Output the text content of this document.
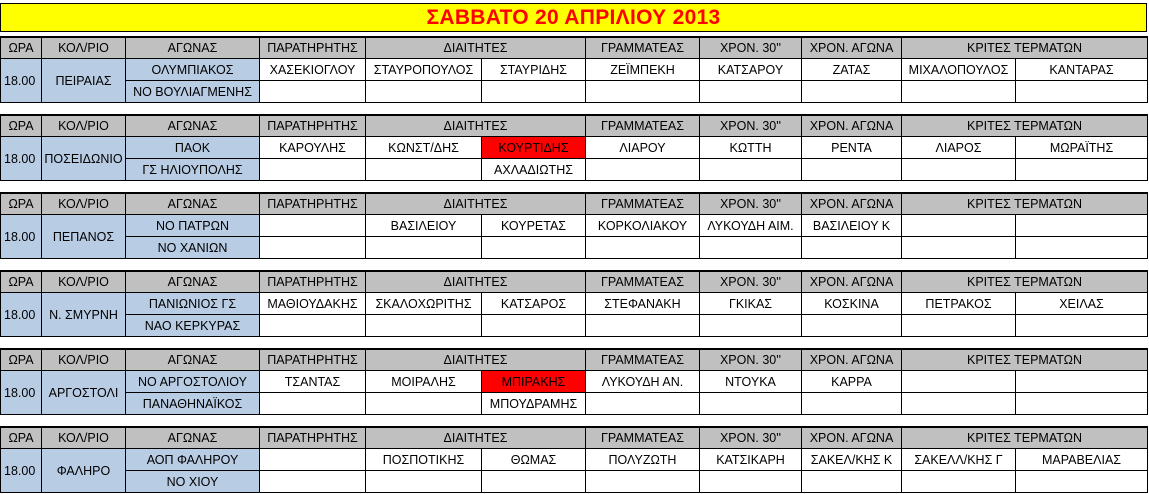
ΣΑΒΒΑΤΟ 20 ΑΠΡΙΛΙΟΥ 2013
ΩΡΑ	ΚΟΛ/ΡΙΟ	ΑΓΩΝΑΣ	ΠΑΡΑΤΗΡΗΤΗΣ	ΔΙΑΙΤΗΤΕΣ		ΓΡΑΜΜΑΤΕΑΣ	ΧΡΟΝ. 30''	ΧΡΟΝ. ΑΓΩΝΑ	ΚΡΙΤΕΣ ΤΕΡΜΑΤΩΝ	
18.00	ΠΕΙΡΑΙΑΣ	ΟΛΥΜΠΙΑΚΟΣ	ΧΑΣΕΚΙΟΓΛΟΥ	ΣΤΑΥΡΟΠΟΥΛΟΣ	ΣΤΑΥΡΙΔΗΣ	ΖΕΪΜΠΕΚΗ	ΚΑΤΣΑΡΟΥ	ΖΑΤΑΣ	ΜΙΧΑΛΟΠΟΥΛΟΣ	ΚΑΝΤΑΡΑΣ
		ΝΟ ΒΟΥΛΙΑΓΜΕΝΗΣ								
ΩΡΑ	ΚΟΛ/ΡΙΟ	ΑΓΩΝΑΣ	ΠΑΡΑΤΗΡΗΤΗΣ	ΔΙΑΙΤΗΤΕΣ		ΓΡΑΜΜΑΤΕΑΣ	ΧΡΟΝ. 30''	ΧΡΟΝ. ΑΓΩΝΑ	ΚΡΙΤΕΣ ΤΕΡΜΑΤΩΝ	
18.00	ΠΟΣΕΙΔΩΝΙΟ	ΠΑΟΚ	ΚΑΡΟΥΛΗΣ	ΚΩΝΣΤ/ΔΗΣ	ΚΟΥΡΤΙΔΗΣ	ΛΙΑΡΟΥ	ΚΩΤΤΗ	ΡΕΝΤΑ	ΛΙΑΡΟΣ	ΜΩΡΑΪΤΗΣ
		ΓΣ ΗΛΙΟΥΠΟΛΗΣ			ΑΧΛΑΔΙΩΤΗΣ					
ΩΡΑ	ΚΟΛ/ΡΙΟ	ΑΓΩΝΑΣ	ΠΑΡΑΤΗΡΗΤΗΣ	ΔΙΑΙΤΗΤΕΣ		ΓΡΑΜΜΑΤΕΑΣ	ΧΡΟΝ. 30''	ΧΡΟΝ. ΑΓΩΝΑ	ΚΡΙΤΕΣ ΤΕΡΜΑΤΩΝ	
18.00	ΠΕΠΑΝΟΣ	ΝΟ ΠΑΤΡΩΝ		ΒΑΣΙΛΕΙΟΥ	ΚΟΥΡΕΤΑΣ	ΚΟΡΚΟΛΙΑΚΟΥ	ΛΥΚΟΥΔΗ ΑΙΜ.	ΒΑΣΙΛΕΙΟΥ Κ		
		ΝΟ ΧΑΝΙΩΝ								
ΩΡΑ	ΚΟΛ/ΡΙΟ	ΑΓΩΝΑΣ	ΠΑΡΑΤΗΡΗΤΗΣ	ΔΙΑΙΤΗΤΕΣ		ΓΡΑΜΜΑΤΕΑΣ	ΧΡΟΝ. 30''	ΧΡΟΝ. ΑΓΩΝΑ	ΚΡΙΤΕΣ ΤΕΡΜΑΤΩΝ	
18.00	Ν. ΣΜΥΡΝΗ	ΠΑΝΙΩΝΙΟΣ ΓΣ	ΜΑΘΙΟΥΔΑΚΗΣ	ΣΚΑΛΟΧΩΡΙΤΗΣ	ΚΑΤΣΑΡΟΣ	ΣΤΕΦΑΝΑΚΗ	ΓΚΙΚΑΣ	ΚΟΣΚΙΝΑ	ΠΕΤΡΑΚΟΣ	ΧΕΙΛΑΣ
		ΝΑΟ ΚΕΡΚΥΡΑΣ								
ΩΡΑ	ΚΟΛ/ΡΙΟ	ΑΓΩΝΑΣ	ΠΑΡΑΤΗΡΗΤΗΣ	ΔΙΑΙΤΗΤΕΣ		ΓΡΑΜΜΑΤΕΑΣ	ΧΡΟΝ. 30''	ΧΡΟΝ. ΑΓΩΝΑ	ΚΡΙΤΕΣ ΤΕΡΜΑΤΩΝ	
18.00	ΑΡΓΟΣΤΟΛΙ	ΝΟ ΑΡΓΟΣΤΟΛΙΟΥ	ΤΣΑΝΤΑΣ	ΜΟΙΡΑΛΗΣ	ΜΠΙΡΑΚΗΣ	ΛΥΚΟΥΔΗ ΑΝ.	ΝΤΟΥΚΑ	ΚΑΡΡΑ		
		ΠΑΝΑΘΗΝΑΪΚΟΣ			ΜΠΟΥΔΡΑΜΗΣ					
ΩΡΑ	ΚΟΛ/ΡΙΟ	ΑΓΩΝΑΣ	ΠΑΡΑΤΗΡΗΤΗΣ	ΔΙΑΙΤΗΤΕΣ		ΓΡΑΜΜΑΤΕΑΣ	ΧΡΟΝ. 30''	ΧΡΟΝ. ΑΓΩΝΑ	ΚΡΙΤΕΣ ΤΕΡΜΑΤΩΝ	
18.00	ΦΑΛΗΡΟ	ΑΟΠ ΦΑΛΗΡΟΥ		ΠΟΣΠΟΤΙΚΗΣ	ΘΩΜΑΣ	ΠΟΛΥΖΩΤΗ	ΚΑΤΣΙΚΑΡΗ	ΣΑΚΕΛ/ΚΗΣ Κ	ΣΑΚΕΛΛ/ΚΗΣ Γ	ΜΑΡΑΒΕΛΙΑΣ
		ΝΟ ΧΙΟΥ								
